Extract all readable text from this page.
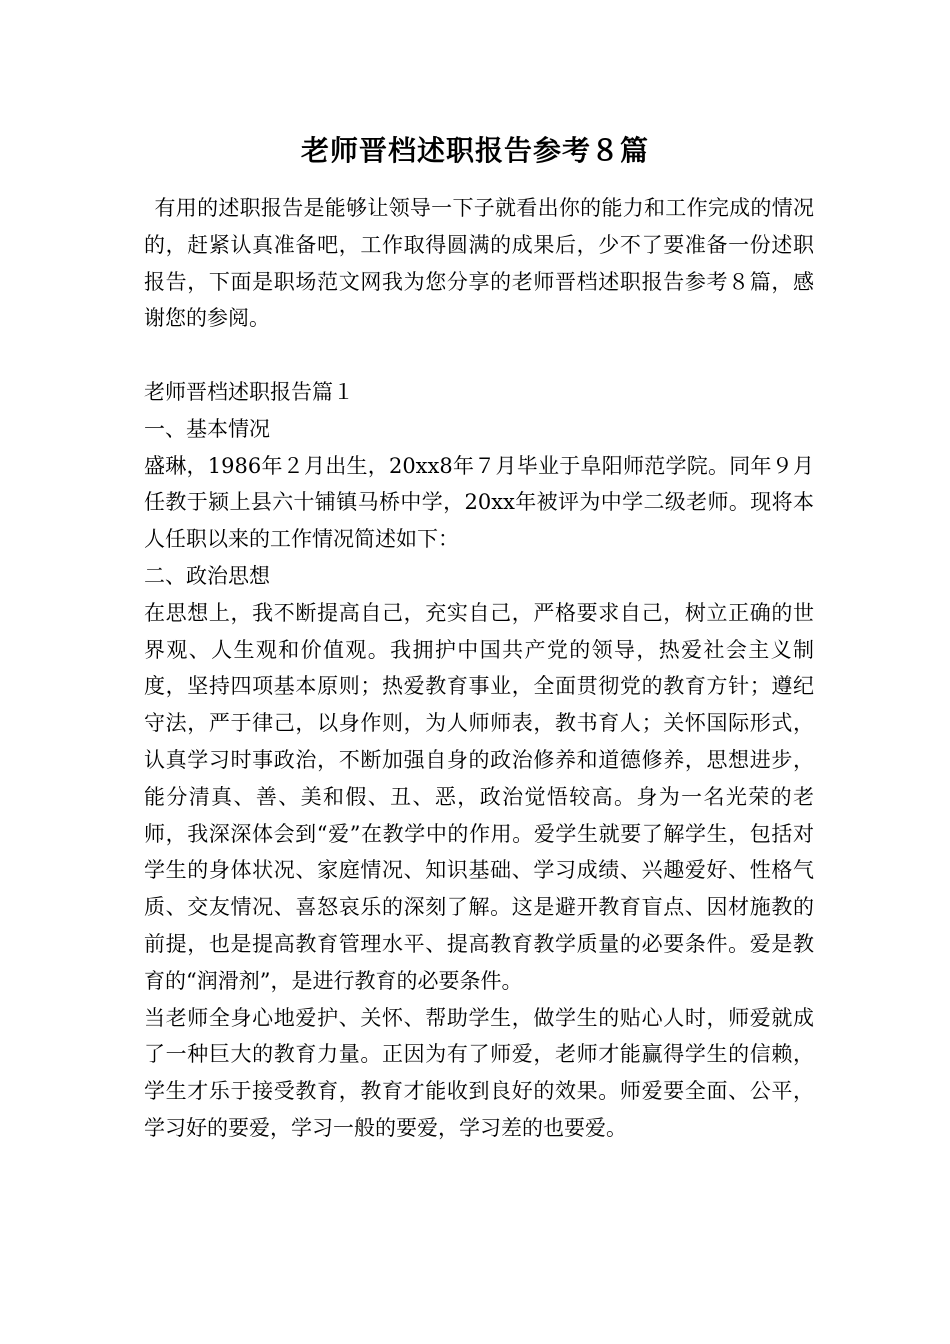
老师晋档述职报告参考８篇

有用的述职报告是能够让领导一下子就看出你的能力和工作完成的情况的，赶紧认真准备吧，工作取得圆满的成果后，少不了要准备一份述职报告，下面是职场范文网我为您分享的老师晋档述职报告参考８篇，感谢您的参阅。

老师晋档述职报告篇１

一、基本情况

盛琳，1986年２月出生，20xx8年７月毕业于阜阳师范学院。同年９月任教于颍上县六十铺镇马桥中学，20xx年被评为中学二级老师。现将本人任职以来的工作情况简述如下：

二、政治思想

在思想上，我不断提高自己，充实自己，严格要求自己，树立正确的世界观、人生观和价值观。我拥护中国共产党的领导，热爱社会主义制度，坚持四项基本原则；热爱教育事业，全面贯彻党的教育方针；遵纪守法，严于律己，以身作则，为人师师表，教书育人；关怀国际形式，认真学习时事政治，不断加强自身的政治修养和道德修养，思想进步，能分清真、善、美和假、丑、恶，政治觉悟较高。身为一名光荣的老师，我深深体会到“爱”在教学中的作用。爱学生就要了解学生，包括对学生的身体状况、家庭情况、知识基础、学习成绩、兴趣爱好、性格气质、交友情况、喜怒哀乐的深刻了解。这是避开教育盲点、因材施教的前提，也是提高教育管理水平、提高教育教学质量的必要条件。爱是教育的“润滑剂”，是进行教育的必要条件。

当老师全身心地爱护、关怀、帮助学生，做学生的贴心人时，师爱就成了一种巨大的教育力量。正因为有了师爱，老师才能赢得学生的信赖，学生才乐于接受教育，教育才能收到良好的效果。师爱要全面、公平，学习好的要爱，学习一般的要爱，学习差的也要爱。
